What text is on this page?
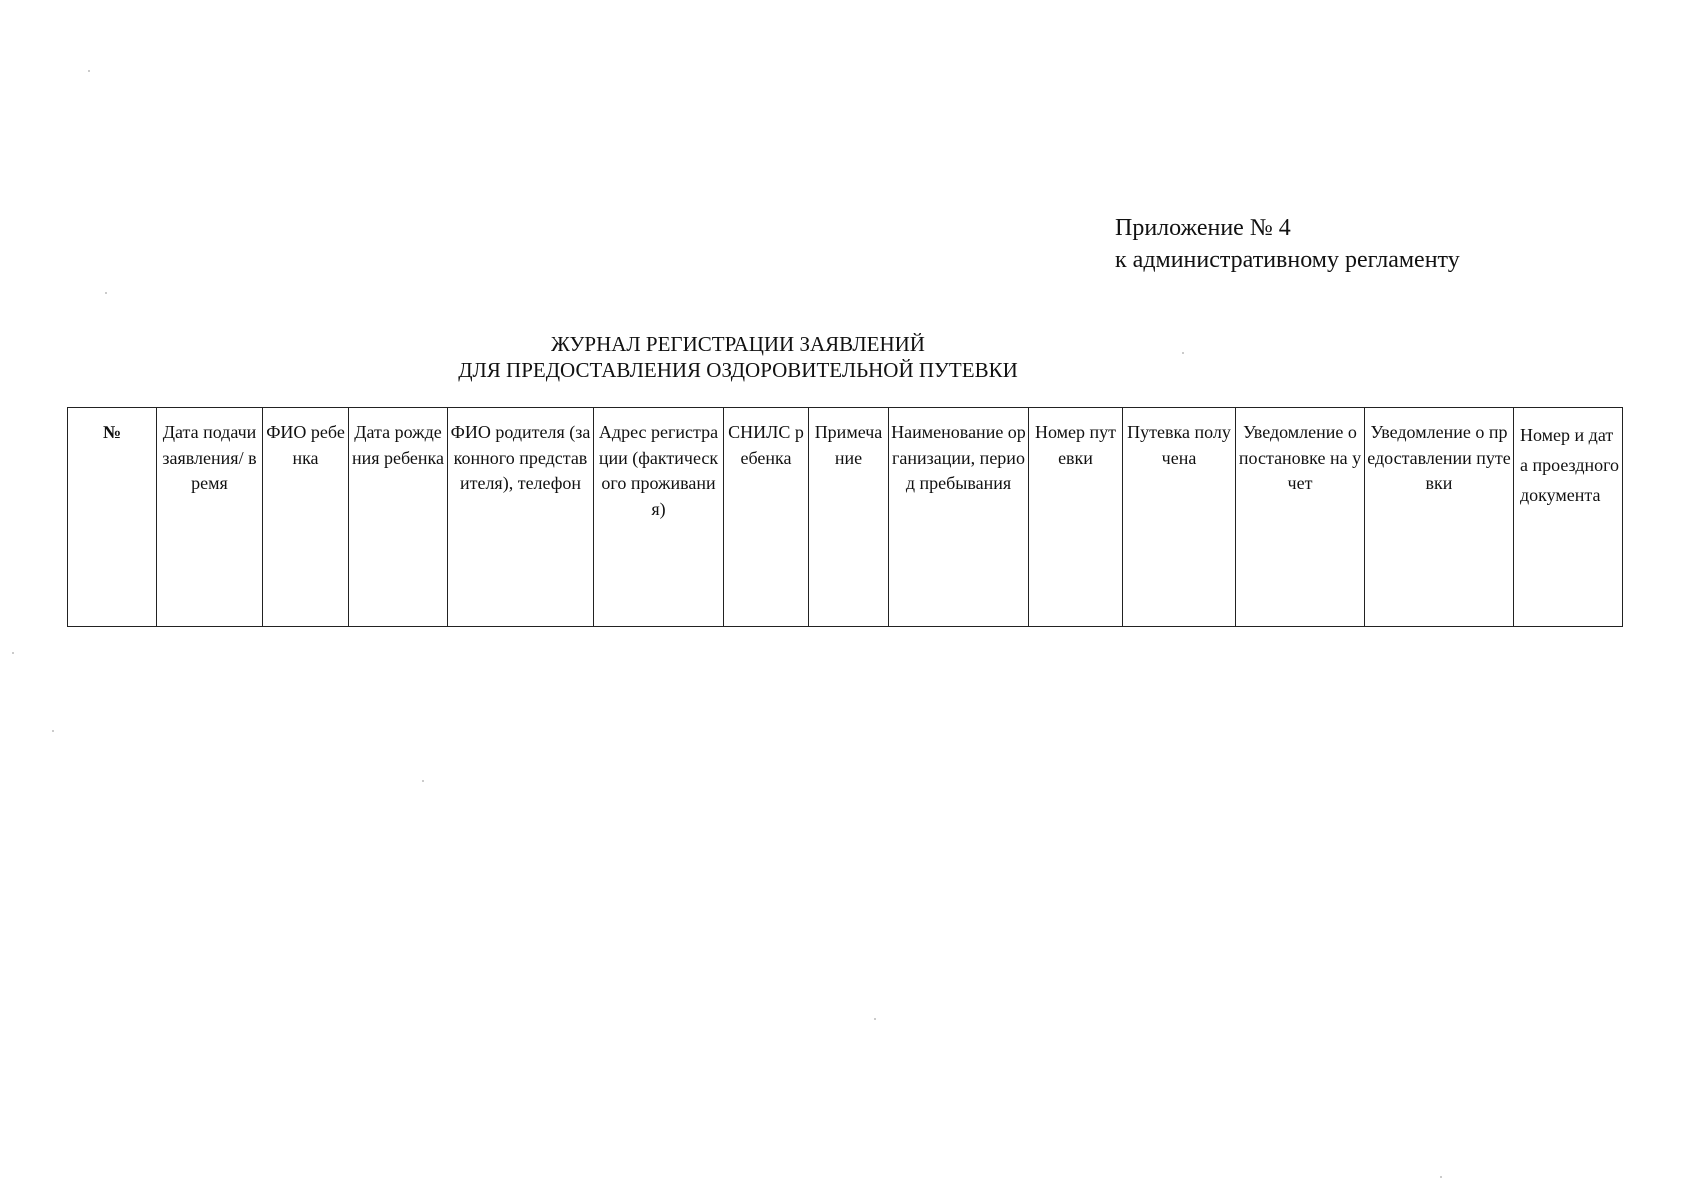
Приложение № 4
к административному регламенту
ЖУРНАЛ РЕГИСТРАЦИИ ЗАЯВЛЕНИЙ
ДЛЯ ПРЕДОСТАВЛЕНИЯ ОЗДОРОВИТЕЛЬНОЙ ПУТЕВКИ
№	Дата подачи заявления/ время	ФИО ребенка	Дата рождения ребенка	ФИО родителя (законного представителя), телефон	Адрес регистрации (фактического проживания)	СНИЛС ребенка	Примечание	Наименование организации, период пребывания	Номер путевки	Путевка получена	Уведомление о постановке на учет	Уведомление о предоставлении путевки	Номер и дата проездного документа
